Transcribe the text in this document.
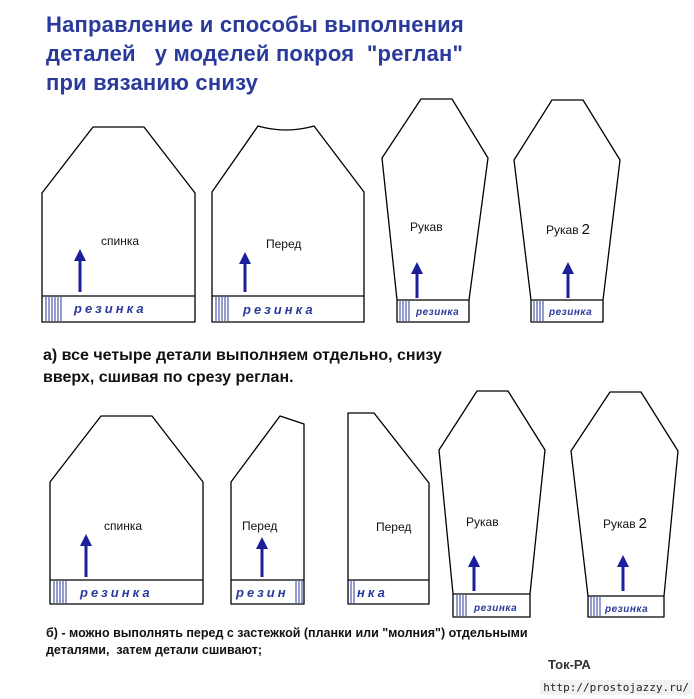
Направление и способы выполнения
деталей   у моделей покроя  "реглан"
при вязанию снизу
спинка	Перед
Рукав	Рукав 2
резинка	резинка	резинка	резинка
спинка	Перед	Перед	Рукав	Рукав 2
резинка	резин	нка
резинка	резинка
а) все четыре детали выполняем отдельно, снизу
вверх, сшивая по срезу реглан.
б) - можно выполнять перед с застежкой (планки или "молния") отдельными
деталями,  затем детали сшивают;
Ток-РА
http://prostojazzy.ru/
